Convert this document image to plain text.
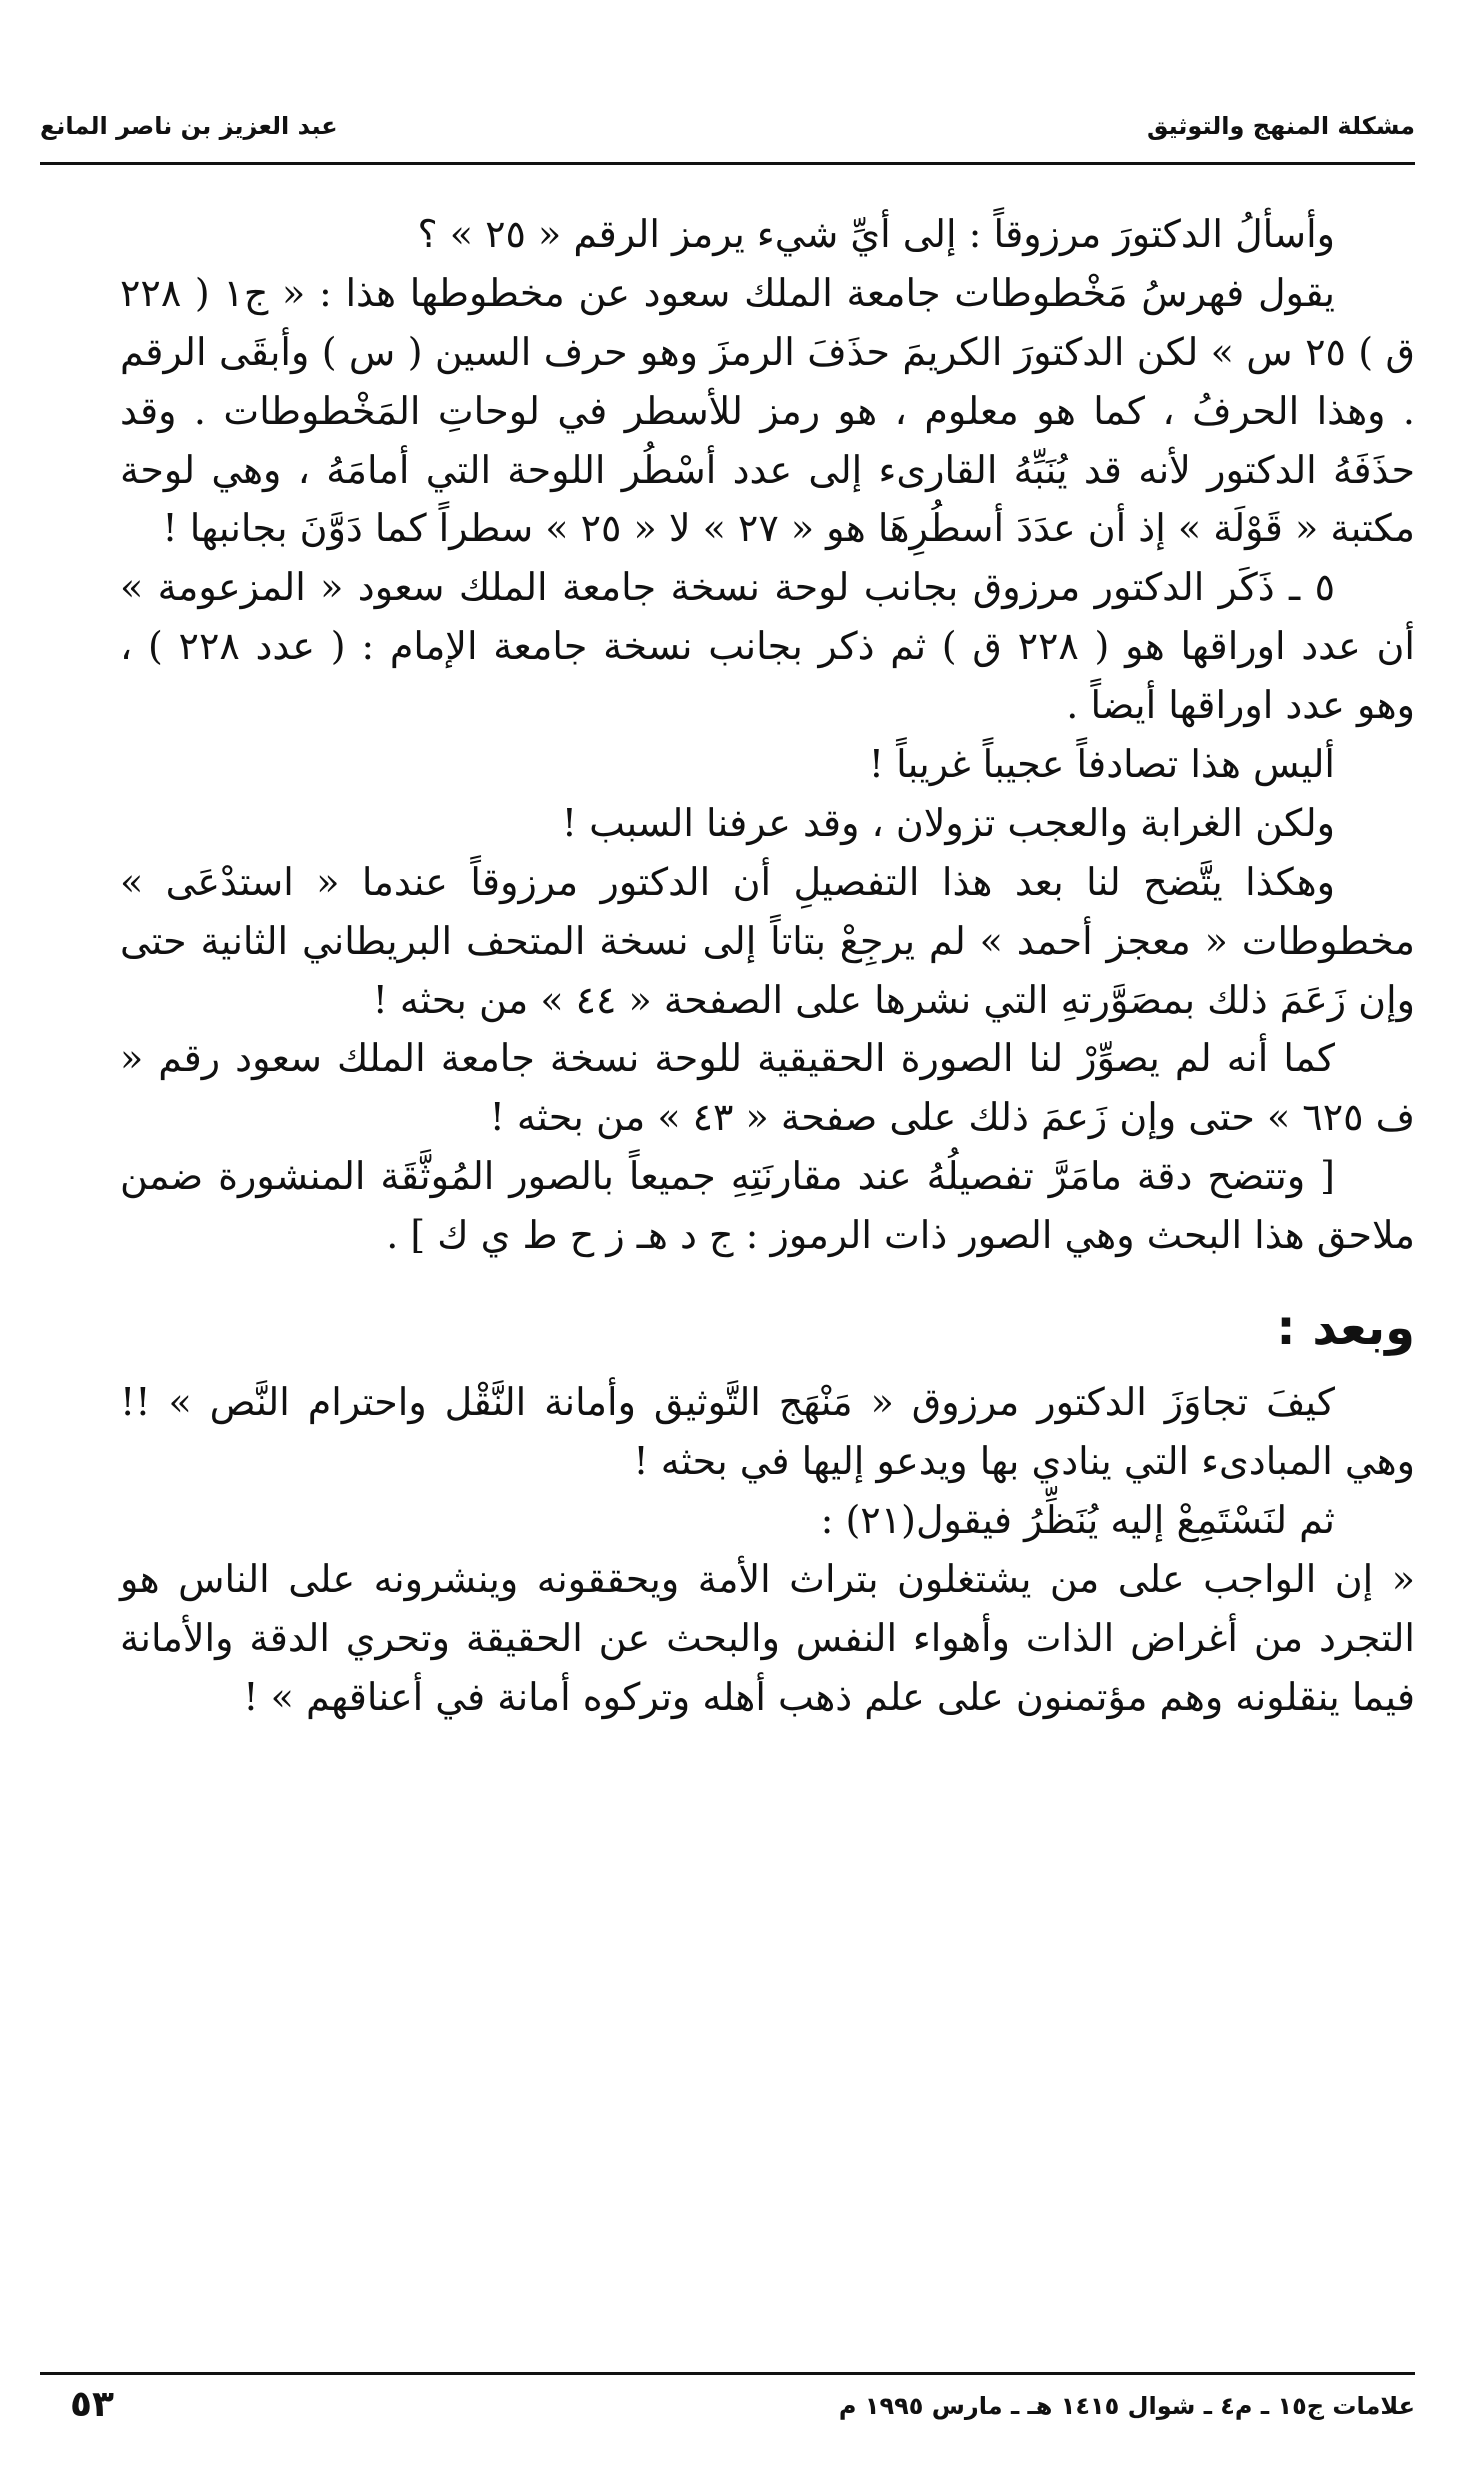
مشكلة المنهج والتوثيق
عبد العزيز بن ناصر المانع

وأسألُ الدكتورَ مرزوقاً : إلى أيِّ شيء يرمز الرقم « ٢٥ » ؟

يقول فهرسُ مَخْطوطات جامعة الملك سعود عن مخطوطها هذا : « ج١ ( ٢٢٨ ق ) ٢٥ س » لكن الدكتورَ الكريمَ حذَفَ الرمزَ وهو حرف السين ( س ) وأبقَى الرقم . وهذا الحرفُ ، كما هو معلوم ، هو رمز للأسطر في لوحاتِ المَخْطوطات . وقد حذَفَهُ الدكتور لأنه قد يُنَبِّهُ القارىء إلى عدد أسْطُر اللوحة التي أمامَهُ ، وهي لوحة مكتبة « قَوْلَة » إذ أن عدَدَ أسطُرِهَا هو « ٢٧ » لا « ٢٥ » سطراً كما دَوَّنَ بجانبها !

٥ ـ ذَكَر الدكتور مرزوق بجانب لوحة نسخة جامعة الملك سعود « المزعومة » أن عدد اوراقها هو ( ٢٢٨ ق ) ثم ذكر بجانب نسخة جامعة الإمام : ( عدد ٢٢٨ ) ، وهو عدد اوراقها أيضاً .

أليس هذا تصادفاً عجيباً غريباً !

ولكن الغرابة والعجب تزولان ، وقد عرفنا السبب !

وهكذا يتَّضح لنا بعد هذا التفصيلِ أن الدكتور مرزوقاً عندما « استدْعَى » مخطوطات « معجز أحمد » لم يرجِعْ بتاتاً إلى نسخة المتحف البريطاني الثانية حتى وإن زَعَمَ ذلك بمصَوَّرتهِ التي نشرها على الصفحة « ٤٤ » من بحثه !

كما أنه لم يصوِّرْ لنا الصورة الحقيقية للوحة نسخة جامعة الملك سعود رقم « ف ٦٢٥ » حتى وإن زَعمَ ذلك على صفحة « ٤٣ » من بحثه !

[ وتتضح دقة مامَرَّ تفصيلُهُ عند مقارنَتِهِ جميعاً بالصور المُوثَّقَة المنشورة ضمن ملاحق هذا البحث وهي الصور ذات الرموز : ج د هـ ز ح ط ي ك ] .

وبعد :

كيفَ تجاوَزَ الدكتور مرزوق « مَنْهَج التَّوثيق وأمانة النَّقْل واحترام النَّص » !! وهي المبادىء التي ينادي بها ويدعو إليها في بحثه !

ثم لنَسْتَمِعْ إليه يُنَظِّرُ فيقول(٢١) :

« إن الواجب على من يشتغلون بتراث الأمة ويحققونه وينشرونه على الناس هو التجرد من أغراض الذات وأهواء النفس والبحث عن الحقيقة وتحري الدقة والأمانة فيما ينقلونه وهم مؤتمنون على علم ذهب أهله وتركوه أمانة في أعناقهم » !

علامات ج١٥ ـ م٤ ـ شوال ١٤١٥ هـ ـ مارس ١٩٩٥ م
٥٣
